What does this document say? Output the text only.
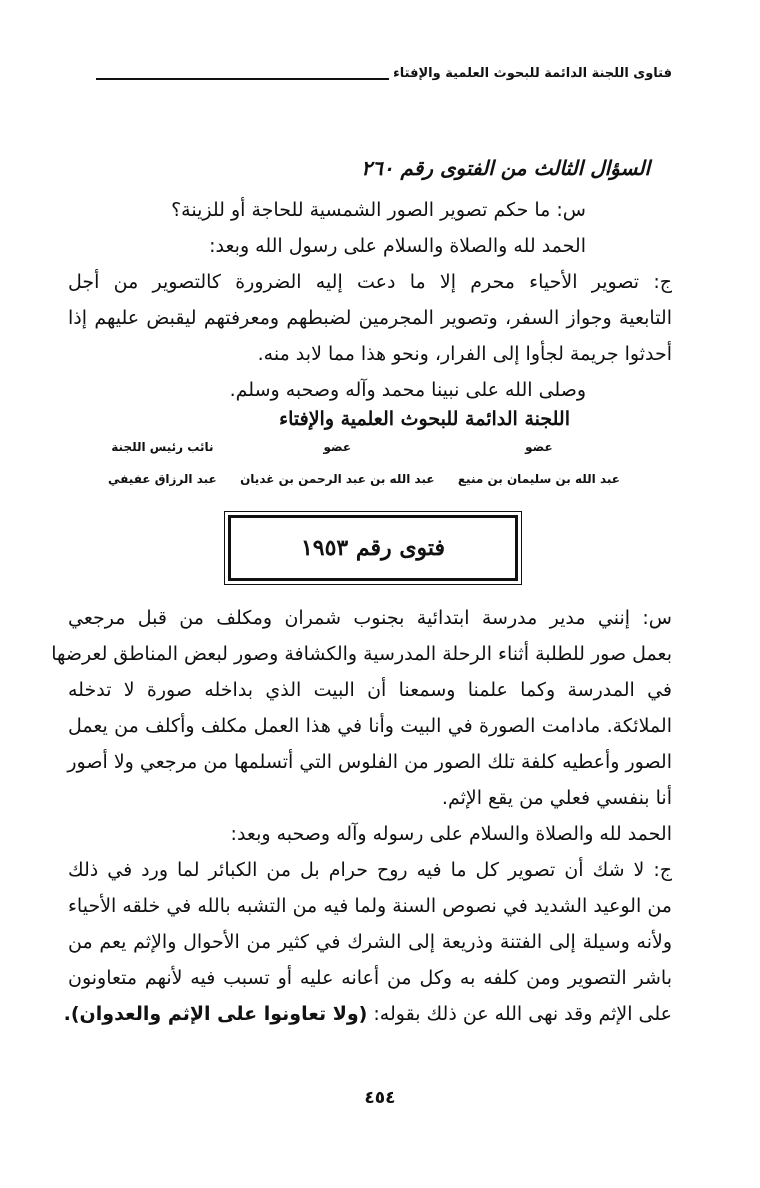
فتاوى اللجنة الدائمة للبحوث العلمية والإفتاء
السؤال الثالث من الفتوى رقم ٢٦٠
س: ما حكم تصوير الصور الشمسية للحاجة أو للزينة؟
الحمد لله والصلاة والسلام على رسول الله وبعد:
ج: تصوير الأحياء محرم إلا ما دعت إليه الضرورة كالتصوير من أجل
التابعية وجواز السفر، وتصوير المجرمين لضبطهم ومعرفتهم ليقبض عليهم إذا
أحدثوا جريمة لجأوا إلى الفرار، ونحو هذا مما لابد منه.
وصلى الله على نبينا محمد وآله وصحبه وسلم.
اللجنة الدائمة للبحوث العلمية والإفتاء
عضو
عبد الله بن سليمان بن منيع
عضو
عبد الله بن عبد الرحمن بن غديان
نائب رئيس اللجنة
عبد الرزاق عفيفي
فتوى رقم ١٩٥٣
س: إنني مدير مدرسة ابتدائية بجنوب شمران ومكلف من قبل مرجعي
بعمل صور للطلبة أثناء الرحلة المدرسية والكشافة وصور لبعض المناطق لعرضها
في المدرسة وكما علمنا وسمعنا أن البيت الذي بداخله صورة لا تدخله
الملائكة. مادامت الصورة في البيت وأنا في هذا العمل مكلف وأكلف من يعمل
الصور وأعطيه كلفة تلك الصور من الفلوس التي أتسلمها من مرجعي ولا أصور
أنا بنفسي فعلي من يقع الإثم.
الحمد لله والصلاة والسلام على رسوله وآله وصحبه وبعد:
ج: لا شك أن تصوير كل ما فيه روح حرام بل من الكبائر لما ورد في ذلك
من الوعيد الشديد في نصوص السنة ولما فيه من التشبه بالله في خلقه الأحياء
ولأنه وسيلة إلى الفتنة وذريعة إلى الشرك في كثير من الأحوال والإثم يعم من
باشر التصوير ومن كلفه به وكل من أعانه عليه أو تسبب فيه لأنهم متعاونون
على الإثم وقد نهى الله عن ذلك بقوله: (ولا تعاونوا على الإثم والعدوان).
٤٥٤
